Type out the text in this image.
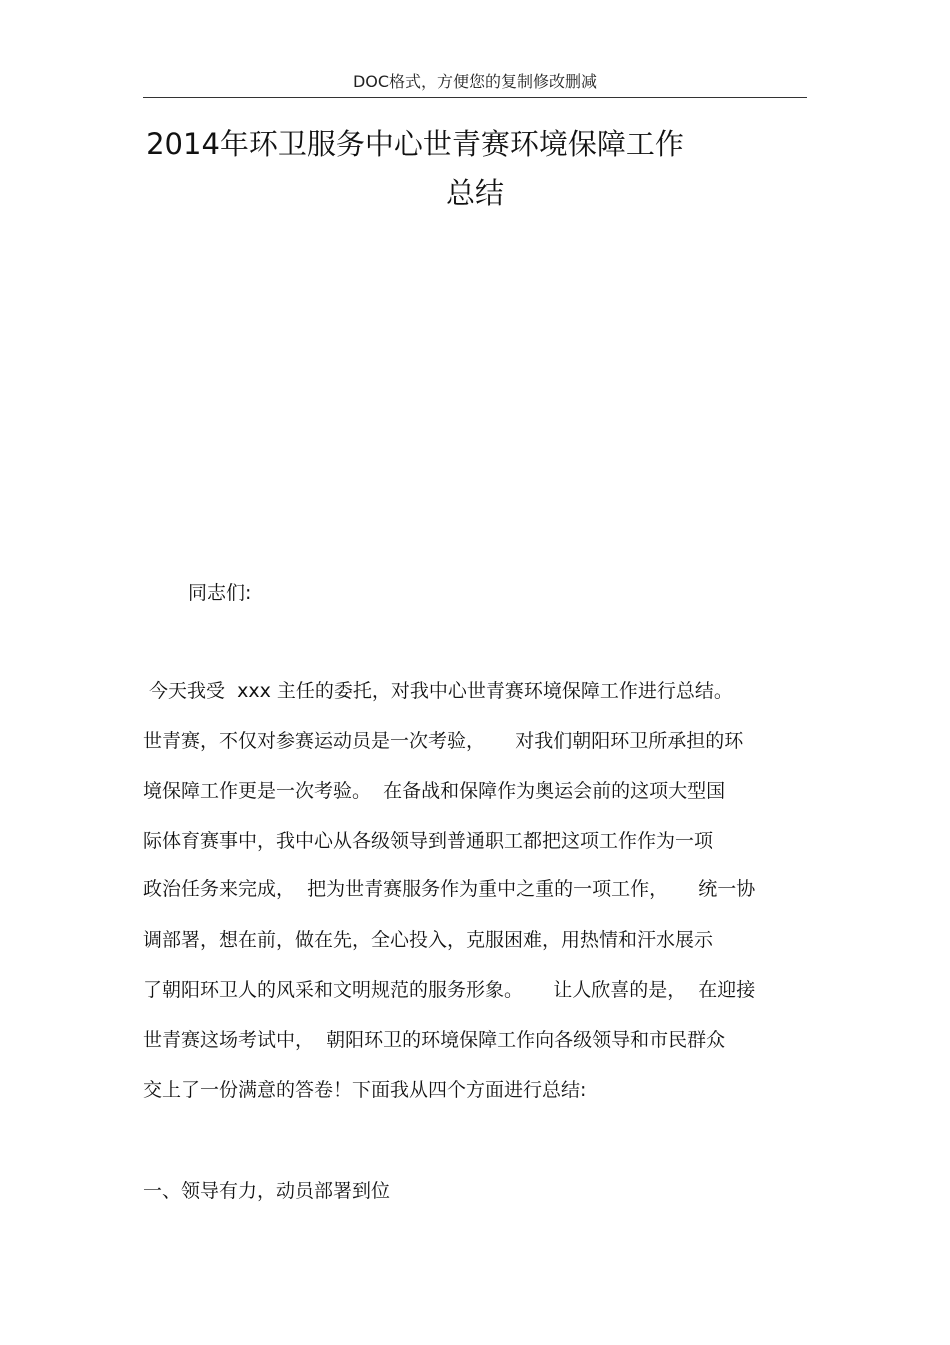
DOC格式，方便您的复制修改删减
2014年环卫服务中心世青赛环境保障工作
总结
同志们:
今天我受  xxx 主任的委托，对我中心世青赛环境保障工作进行总结。
世青赛，不仅对参赛运动员是一次考验，     对我们朝阳环卫所承担的环
境保障工作更是一次考验。  在备战和保障作为奥运会前的这项大型国
际体育赛事中，我中心从各级领导到普通职工都把这项工作作为一项
政治任务来完成，  把为世青赛服务作为重中之重的一项工作，     统一协
调部署，想在前，做在先，全心投入，克服困难，用热情和汗水展示
了朝阳环卫人的风采和文明规范的服务形象。     让人欣喜的是，  在迎接
世青赛这场考试中，  朝阳环卫的环境保障工作向各级领导和市民群众
交上了一份满意的答卷！下面我从四个方面进行总结:
一、领导有力，动员部署到位
